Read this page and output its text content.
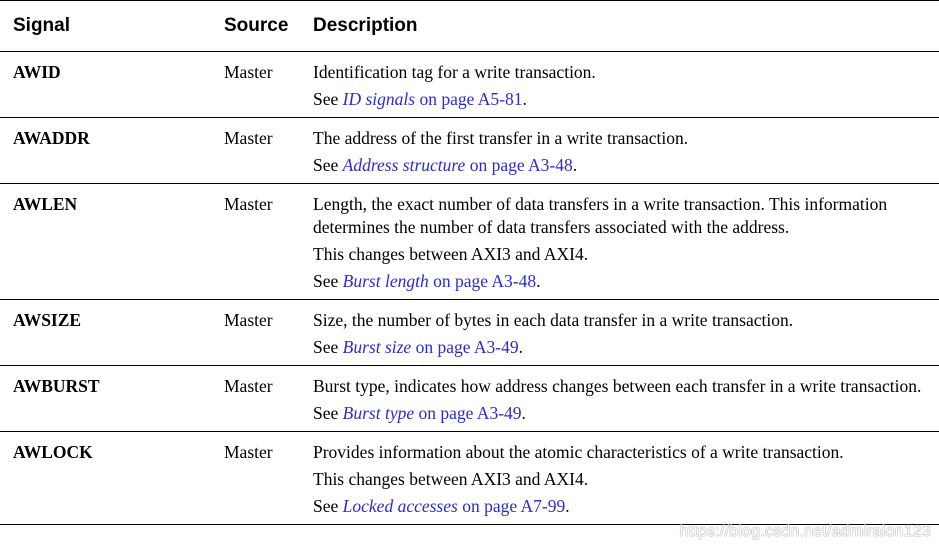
Signal	Source	Description

AWID	Master	Identification tag for a write transaction.
See ID signals on page A5-81.

AWADDR	Master	The address of the first transfer in a write transaction.
See Address structure on page A3-48.

AWLEN	Master	Length, the exact number of data transfers in a write transaction. This information determines the number of data transfers associated with the address.
This changes between AXI3 and AXI4.
See Burst length on page A3-48.

AWSIZE	Master	Size, the number of bytes in each data transfer in a write transaction.
See Burst size on page A3-49.

AWBURST	Master	Burst type, indicates how address changes between each transfer in a write transaction.
See Burst type on page A3-49.

AWLOCK	Master	Provides information about the atomic characteristics of a write transaction.
This changes between AXI3 and AXI4.
See Locked accesses on page A7-99.
https://blog.csdn.net/admiraion123
